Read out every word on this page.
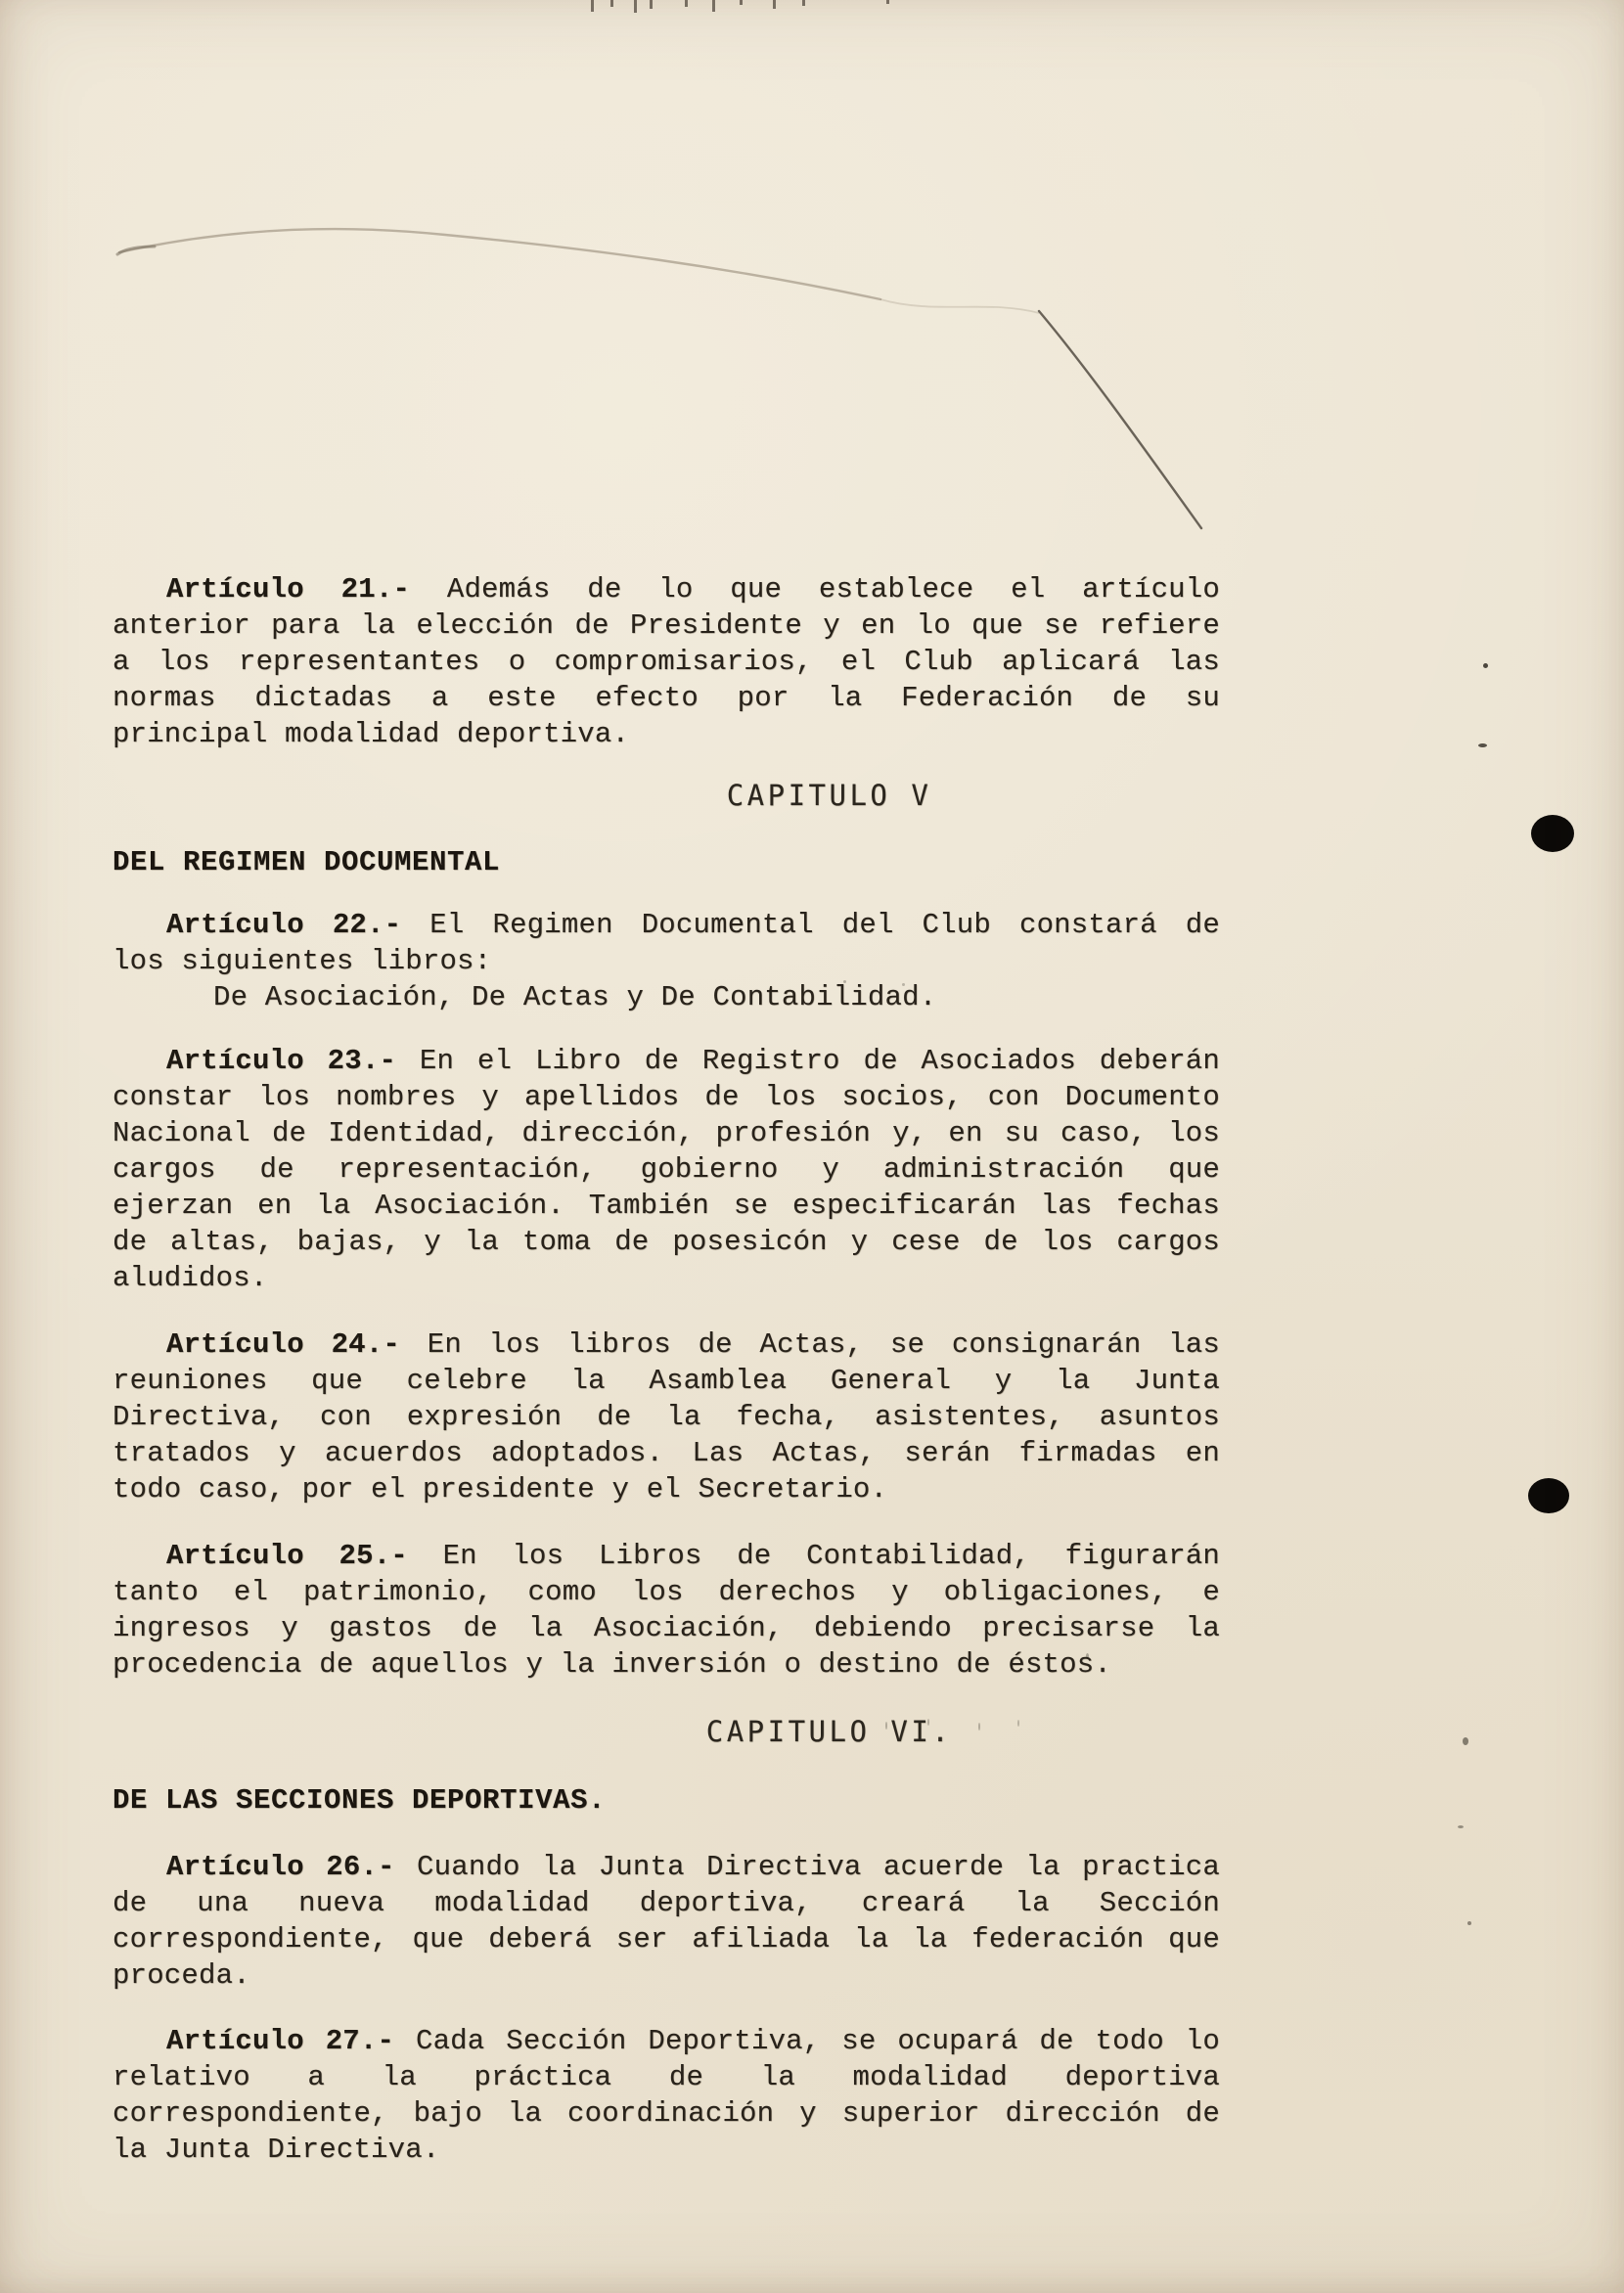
Artículo 21.- Además de lo que establece el artículo
anterior para la elección de Presidente y en lo que se refiere
a los representantes o compromisarios, el Club aplicará las
normas dictadas a este efecto por la Federación de su
principal modalidad deportiva.
CAPITULO V
DEL REGIMEN DOCUMENTAL
Artículo 22.- El Regimen Documental del Club constará de
los siguientes libros:
De Asociación, De Actas y De Contabilidad.
Artículo 23.- En el Libro de Registro de Asociados deberán
constar los nombres y apellidos de los socios, con Documento
Nacional de Identidad, dirección, profesión y, en su caso, los
cargos de representación, gobierno y administración que
ejerzan en la Asociación. También se especificarán las fechas
de altas, bajas, y la toma de posesicón y cese de los cargos
aludidos.
Artículo 24.- En los libros de Actas, se consignarán las
reuniones que celebre la Asamblea General y la Junta
Directiva, con expresión de la fecha, asistentes, asuntos
tratados y acuerdos adoptados. Las Actas, serán firmadas en
todo caso, por el presidente y el Secretario.
Artículo 25.- En los Libros de Contabilidad, figurarán
tanto el patrimonio, como los derechos y obligaciones, e
ingresos y gastos de la Asociación, debiendo precisarse la
procedencia de aquellos y la inversión o destino de éstos.
CAPITULO VI.
DE LAS SECCIONES DEPORTIVAS.
Artículo 26.- Cuando la Junta Directiva acuerde la practica
de una nueva modalidad deportiva, creará la Sección
correspondiente, que deberá ser afiliada la la federación que
proceda.
Artículo 27.- Cada Sección Deportiva, se ocupará de todo lo
relativo a la práctica de la modalidad deportiva
correspondiente, bajo la coordinación y superior dirección de
la Junta Directiva.
